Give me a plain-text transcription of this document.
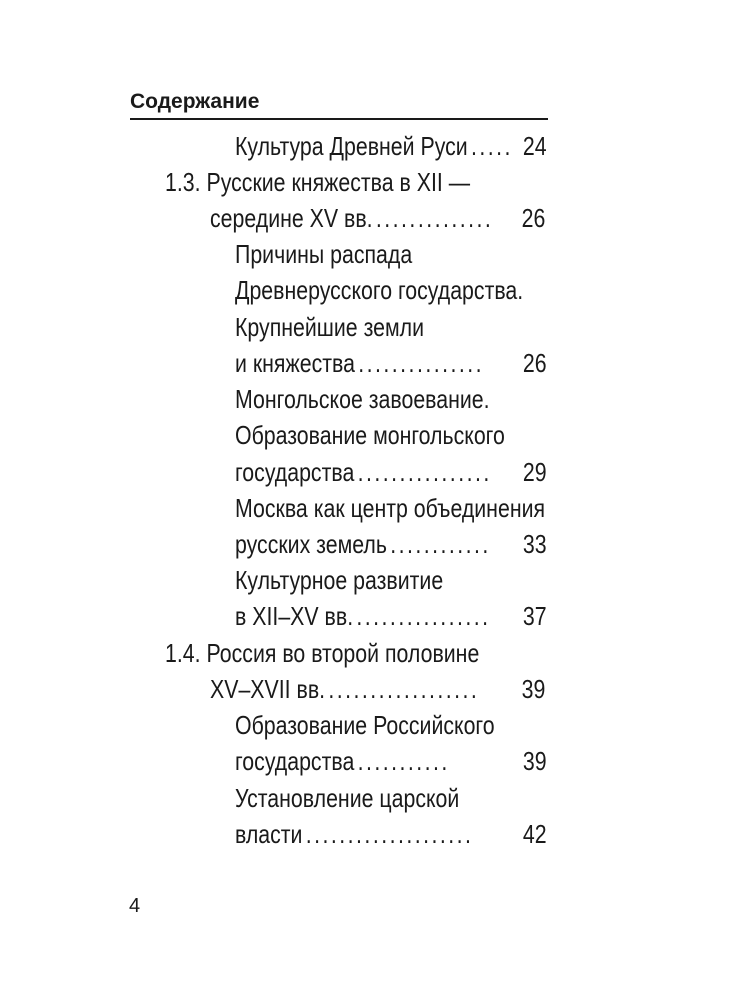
Содержание
Культура Древней Руси ..... 24
1.3. Русские княжества в XII —
середине XV вв. ..............	26
Причины распада
Древнерусского государства.
Крупнейшие земли
и княжества ...............	26
Монгольское завоевание.
Образование монгольского
государства ................	29
Москва как центр объединения
русских земель ............	33
Культурное развитие
в XII–XV вв. ................	37
1.4. Россия во второй половине
XV–XVII вв. ..................	39
Образование Российского
государства ...........	39
Установление царской
власти ....................	42
4
